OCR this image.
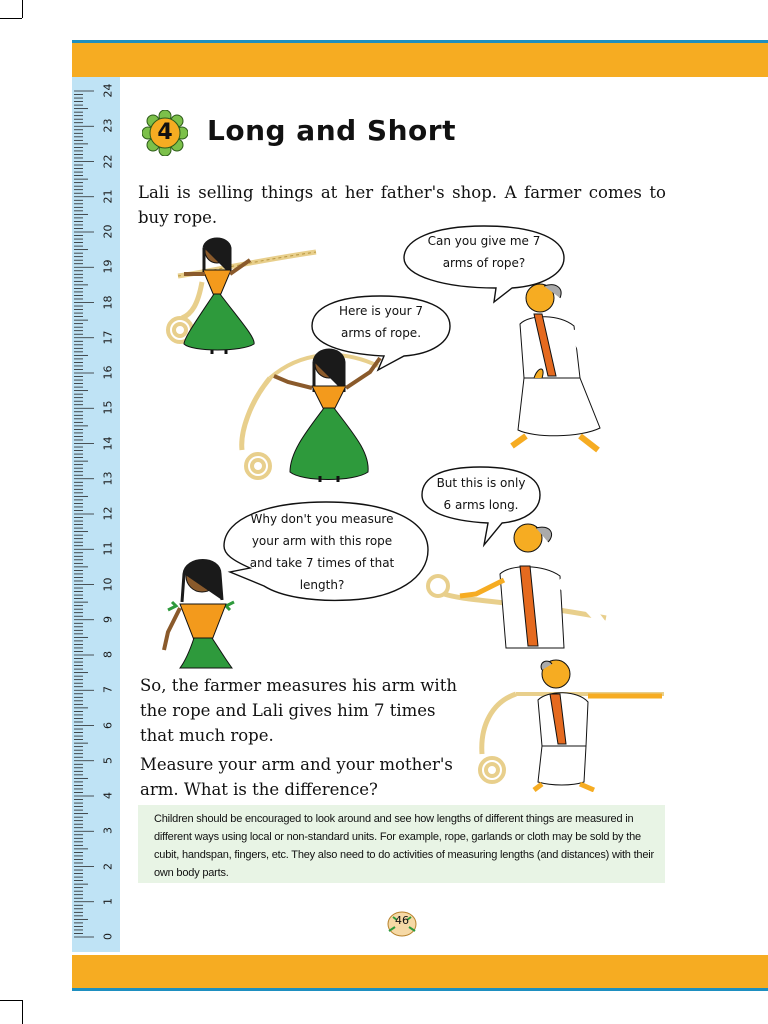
0
1
2
3
4
5
6
7
8
9
10
11
12
13
14
15
16
17
18
19
20
21
22
23
24
4	Long and Short
Lali is selling things at her father's shop. A farmer comes to buy rope.
Can you give me 7
arms of rope?
Here is your 7
arms of rope.
But this is only
6 arms long.
Why don't you measure
your arm with this rope
and take 7 times of that
length?
So, the farmer measures his arm with the rope and Lali gives him 7 times that much rope.
Measure your arm and your mother's arm. What is the difference?
Children should be encouraged to look around and see how lengths of different things are measured in different ways using local or non-standard units. For example, rope, garlands or cloth may be sold by the cubit, handspan, fingers, etc. They also need to do activities of measuring lengths (and distances) with their own body parts.
46
